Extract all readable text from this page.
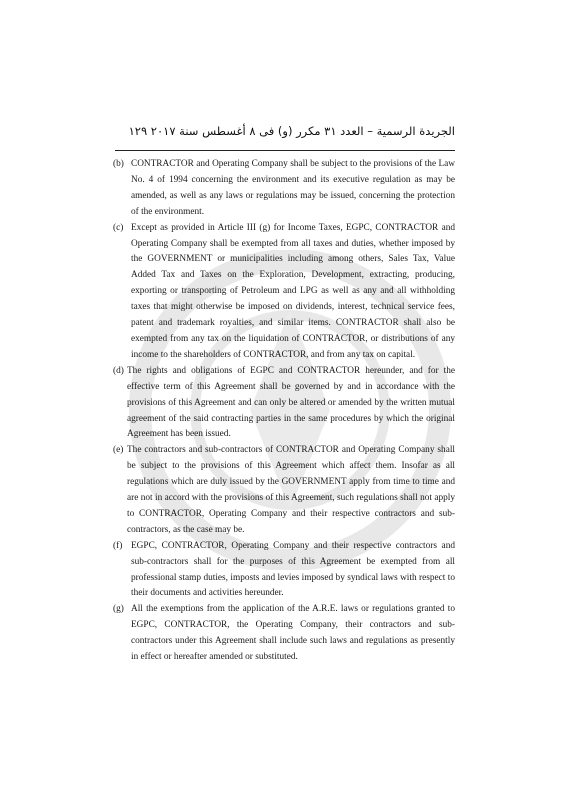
الجريدة الرسمية – العدد ٣١ مكرر (و) فى ٨ أغسطس سنة ٢٠١٧ ١٢٩
(b) CONTRACTOR and Operating Company shall be subject to the provisions of the Law No. 4 of 1994 concerning the environment and its executive regulation as may be amended, as well as any laws or regulations may be issued, concerning the protection of the environment.
(c) Except as provided in Article III (g) for Income Taxes, EGPC, CONTRACTOR and Operating Company shall be exempted from all taxes and duties, whether imposed by the GOVERNMENT or municipalities including among others, Sales Tax, Value Added Tax and Taxes on the Exploration, Development, extracting, producing, exporting or transporting of Petroleum and LPG as well as any and all withholding taxes that might otherwise be imposed on dividends, interest, technical service fees, patent and trademark royalties, and similar items. CONTRACTOR shall also be exempted from any tax on the liquidation of CONTRACTOR, or distributions of any income to the shareholders of CONTRACTOR, and from any tax on capital.
(d) The rights and obligations of EGPC and CONTRACTOR hereunder, and for the effective term of this Agreement shall be governed by and in accordance with the provisions of this Agreement and can only be altered or amended by the written mutual agreement of the said contracting parties in the same procedures by which the original Agreement has been issued.
(e) The contractors and sub-contractors of CONTRACTOR and Operating Company shall be subject to the provisions of this Agreement which affect them. Insofar as all regulations which are duly issued by the GOVERNMENT apply from time to time and are not in accord with the provisions of this Agreement, such regulations shall not apply to CONTRACTOR, Operating Company and their respective contractors and sub-contractors, as the case may be.
(f) EGPC, CONTRACTOR, Operating Company and their respective contractors and sub-contractors shall for the purposes of this Agreement be exempted from all professional stamp duties, imposts and levies imposed by syndical laws with respect to their documents and activities hereunder.
(g) All the exemptions from the application of the A.R.E. laws or regulations granted to EGPC, CONTRACTOR, the Operating Company, their contractors and sub-contractors under this Agreement shall include such laws and regulations as presently in effect or hereafter amended or substituted.
